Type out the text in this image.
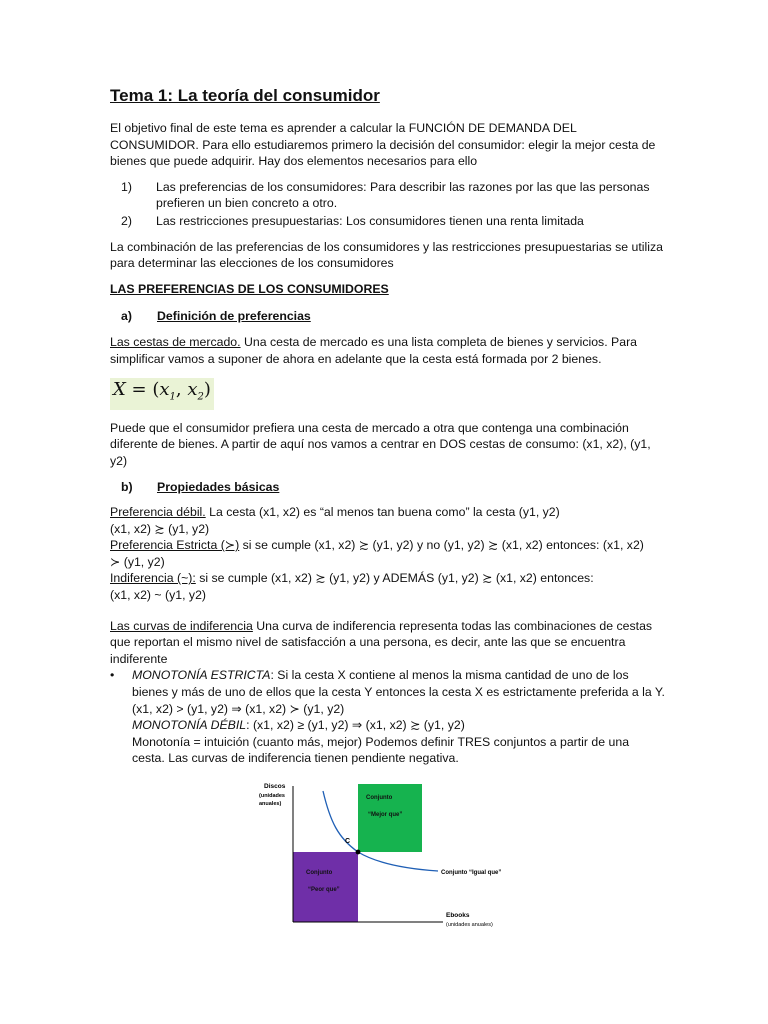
Tema 1: La teoría del consumidor

El objetivo final de este tema es aprender a calcular la FUNCIÓN DE DEMANDA DEL CONSUMIDOR. Para ello estudiaremos primero la decisión del consumidor: elegir la mejor cesta de bienes que puede adquirir. Hay dos elementos necesarios para ello

1) Las preferencias de los consumidores: Para describir las razones por las que las personas prefieren un bien concreto a otro.
2) Las restricciones presupuestarias: Los consumidores tienen una renta limitada

La combinación de las preferencias de los consumidores y las restricciones presupuestarias se utiliza para determinar las elecciones de los consumidores

LAS PREFERENCIAS DE LOS CONSUMIDORES
a) Definición de preferencias

Las cestas de mercado. Una cesta de mercado es una lista completa de bienes y servicios. Para simplificar vamos a suponer de ahora en adelante que la cesta está formada por 2 bienes.

$X = (x_1$, $x_2$)

Puede que el consumidor prefiera una cesta de mercado a otra que contenga una combinación diferente de bienes. A partir de aquí nos vamos a centrar en DOS cestas de consumo: (x1, x2), (y1, y2)

b) Propiedades básicas

Preferencia débil. La cesta (x1, x2) es “al menos tan buena como” la cesta (y1, y2)

(x1, x2) ≿ (y1, y2)

Preferencia Estricta (≻) si se cumple (x1, x2) ≿ (y1, y2) y no (y1, y2) ≿ (x1, x2) entonces: (x1, x2)

≻ (y1, y2)

Indiferencia (~): si se cumple (x1, x2) ≿ (y1, y2) y ADEMÁS (y1, y2) ≿ (x1, x2) entonces:

(x1, x2) ~ (y1, y2)

Las curvas de indiferencia Una curva de indiferencia representa todas las combinaciones de cestas que reportan el mismo nivel de satisfacción a una persona, es decir, ante las que se encuentra indiferente

• MONOTONÍA ESTRICTA: Si la cesta X contiene al menos la misma cantidad de uno de los bienes y más de uno de ellos que la cesta Y entonces la cesta X es estrictamente preferida a la Y. (x1, x2) > (y1, y2) ⇒ (x1, x2) ≻ (y1, y2)
MONOTONÍA DÉBIL: (x1, x2) ≥ (y1, y2) ⇒ (x1, x2) ≿ (y1, y2)
Monotonía = intuición (cuanto más, mejor) Podemos definir TRES conjuntos a partir de una cesta. Las curvas de indiferencia tienen pendiente negativa.
C
Discos
(unidades
anuales)
Ebooks
(unidades anuales)
Conjunto
“Mejor que”
Conjunto
“Peor que”
Conjunto “Igual que”
